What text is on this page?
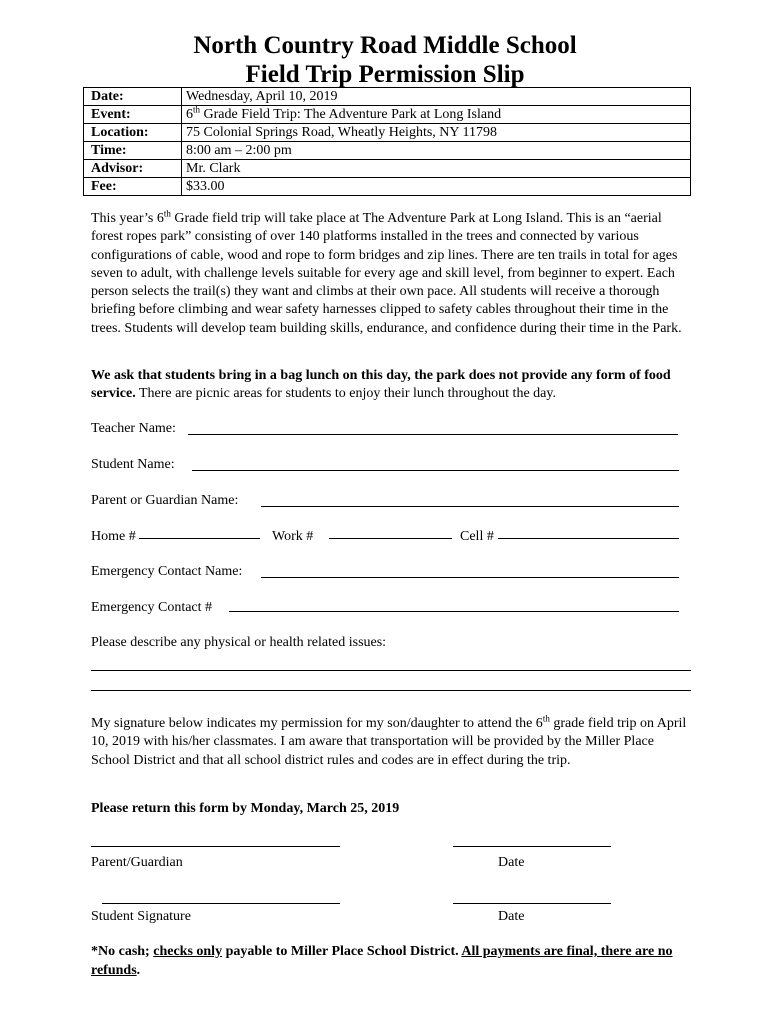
North Country Road Middle School
Field Trip Permission Slip
Date:	Wednesday, April 10, 2019
Event:	6th Grade Field Trip: The Adventure Park at Long Island
Location:	75 Colonial Springs Road, Wheatly Heights, NY 11798
Time:	8:00 am – 2:00 pm
Advisor:	Mr. Clark
Fee:	$33.00
This year’s 6th Grade field trip will take place at The Adventure Park at Long Island. This is an “aerial forest ropes park” consisting of over 140 platforms installed in the trees and connected by various configurations of cable, wood and rope to form bridges and zip lines. There are ten trails in total for ages seven to adult, with challenge levels suitable for every age and skill level, from beginner to expert. Each person selects the trail(s) they want and climbs at their own pace. All students will receive a thorough briefing before climbing and wear safety harnesses clipped to safety cables throughout their time in the trees. Students will develop team building skills, endurance, and confidence during their time in the Park.
We ask that students bring in a bag lunch on this day, the park does not provide any form of food service. There are picnic areas for students to enjoy their lunch throughout the day.
Teacher Name:
Student Name:
Parent or Guardian Name:
Home #	Work #	Cell #
Emergency Contact Name:
Emergency Contact #
Please describe any physical or health related issues:
My signature below indicates my permission for my son/daughter to attend the 6th grade field trip on April 10, 2019 with his/her classmates. I am aware that transportation will be provided by the Miller Place School District and that all school district rules and codes are in effect during the trip.
Please return this form by Monday, March 25, 2019
Parent/Guardian	Date
Student Signature	Date
*No cash; checks only payable to Miller Place School District. All payments are final, there are no refunds.
